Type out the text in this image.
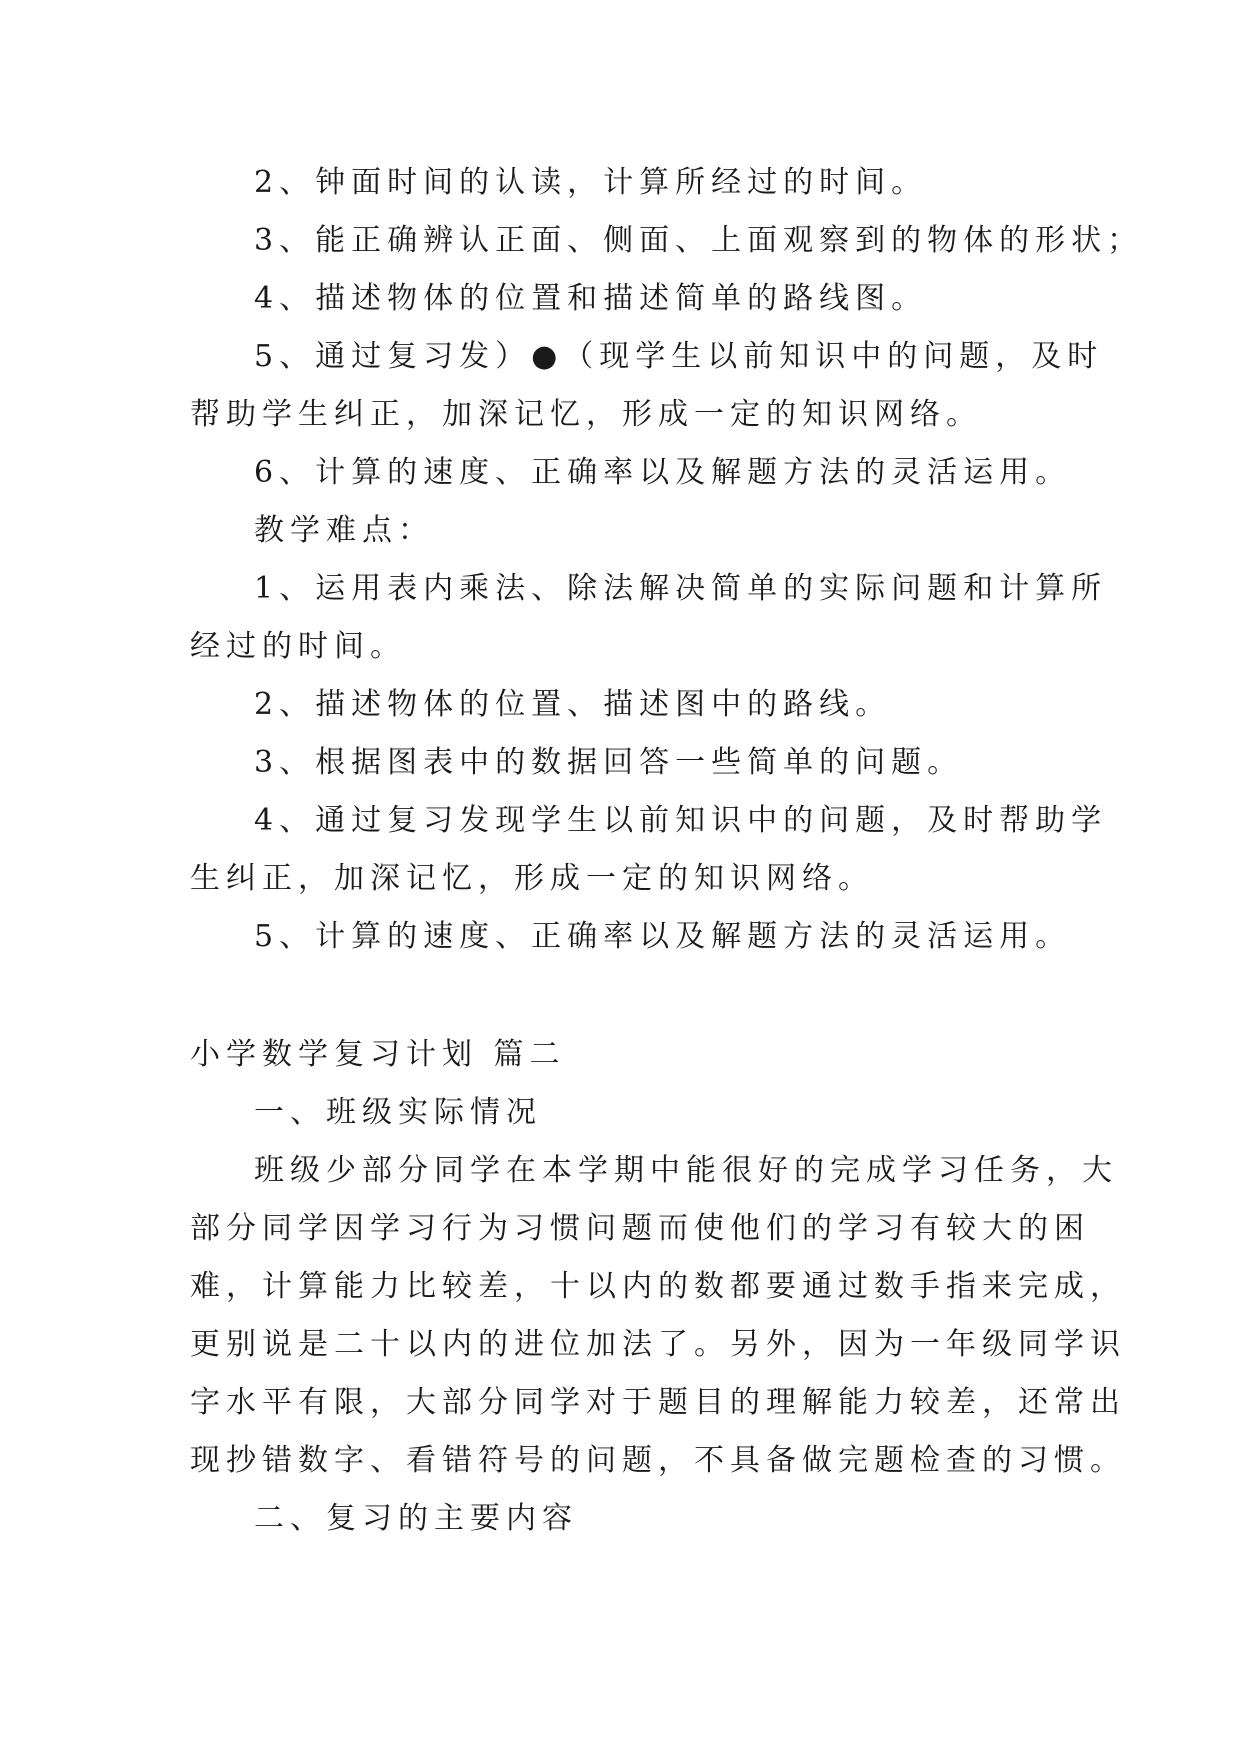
2、钟面时间的认读，计算所经过的时间。
3、能正确辨认正面、侧面、上面观察到的物体的形状；
4、描述物体的位置和描述简单的路线图。
5、通过复习发）●（现学生以前知识中的问题，及时
帮助学生纠正，加深记忆，形成一定的知识网络。
6、计算的速度、正确率以及解题方法的灵活运用。
教学难点：
1、运用表内乘法、除法解决简单的实际问题和计算所
经过的时间。
2、描述物体的位置、描述图中的路线。
3、根据图表中的数据回答一些简单的问题。
4、通过复习发现学生以前知识中的问题，及时帮助学
生纠正，加深记忆，形成一定的知识网络。
5、计算的速度、正确率以及解题方法的灵活运用。
小学数学复习计划 篇二
一、班级实际情况
班级少部分同学在本学期中能很好的完成学习任务，大
部分同学因学习行为习惯问题而使他们的学习有较大的困
难，计算能力比较差，十以内的数都要通过数手指来完成，
更别说是二十以内的进位加法了。另外，因为一年级同学识
字水平有限，大部分同学对于题目的理解能力较差，还常出
现抄错数字、看错符号的问题，不具备做完题检查的习惯。
二、复习的主要内容
